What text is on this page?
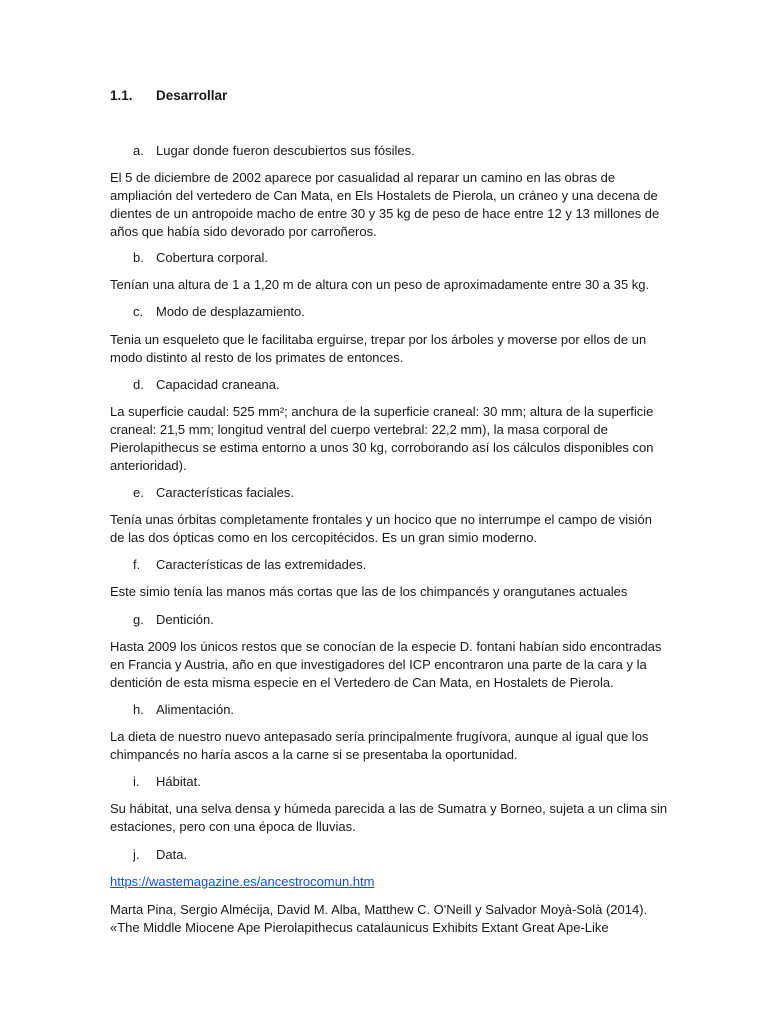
1.1. Desarrollar
a. Lugar donde fueron descubiertos sus fósiles.
El 5 de diciembre de 2002 aparece por casualidad al reparar un camino en las obras de
ampliación del vertedero de Can Mata, en Els Hostalets de Pierola, un cráneo y una decena de
dientes de un antropoide macho de entre 30 y 35 kg de peso de hace entre 12 y 13 millones de
años que había sido devorado por carroñeros.
b. Cobertura corporal.
Tenían una altura de 1 a 1,20 m de altura con un peso de aproximadamente entre 30 a 35 kg.
c. Modo de desplazamiento.
Tenia un esqueleto que le facilitaba erguirse, trepar por los árboles y moverse por ellos de un
modo distinto al resto de los primates de entonces.
d. Capacidad craneana.
La superficie caudal: 525 mm²; anchura de la superficie craneal: 30 mm; altura de la superficie
craneal: 21,5 mm; longitud ventral del cuerpo vertebral: 22,2 mm), la masa corporal de
Pierolapithecus se estima entorno a unos 30 kg, corroborando así los cálculos disponibles con
anterioridad).
e. Características faciales.
Tenía unas órbitas completamente frontales y un hocico que no interrumpe el campo de visión
de las dos ópticas como en los cercopitécidos. Es un gran simio moderno.
f. Características de las extremidades.
Este simio tenía las manos más cortas que las de los chimpancés y orangutanes actuales
g. Dentición.
Hasta 2009 los únicos restos que se conocían de la especie D. fontani habían sido encontradas
en Francia y Austria, año en que investigadores del ICP encontraron una parte de la cara y la
dentición de esta misma especie en el Vertedero de Can Mata, en Hostalets de Pierola.
h. Alimentación.
La dieta de nuestro nuevo antepasado sería principalmente frugívora, aunque al igual que los
chimpancés no haría ascos a la carne si se presentaba la oportunidad.
i. Hábitat.
Su hábitat, una selva densa y húmeda parecida a las de Sumatra y Borneo, sujeta a un clima sin
estaciones, pero con una época de lluvias.
j. Data.
https://wastemagazine.es/ancestrocomun.htm
Marta Pina, Sergio Almécija, David M. Alba, Matthew C. O'Neill y Salvador Moyà-Solà (2014).
«The Middle Miocene Ape Pierolapithecus catalaunicus Exhibits Extant Great Ape-Like
